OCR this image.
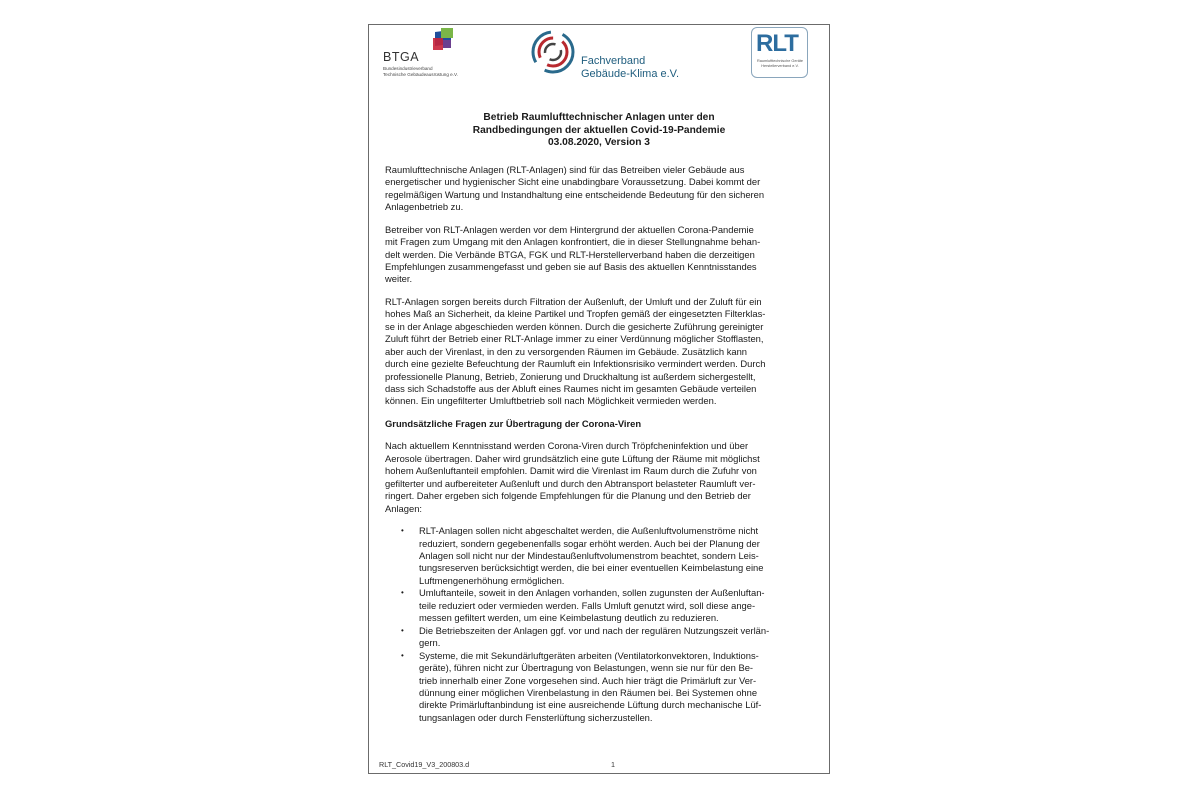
BTGA
Bundesindustrieverband
Technische Gebäudeausrüstung e.V.
Fachverband
Gebäude-Klima e.V.
RLT
Raumlufttechnische Geräte
Herstellerverband e.V.
Betrieb Raumlufttechnischer Anlagen unter den
Randbedingungen der aktuellen Covid-19-Pandemie
03.08.2020, Version 3
Raumlufttechnische Anlagen (RLT-Anlagen) sind für das Betreiben vieler Gebäude aus
energetischer und hygienischer Sicht eine unabdingbare Voraussetzung. Dabei kommt der
regelmäßigen Wartung und Instandhaltung eine entscheidende Bedeutung für den sicheren
Anlagenbetrieb zu.
Betreiber von RLT-Anlagen werden vor dem Hintergrund der aktuellen Corona-Pandemie
mit Fragen zum Umgang mit den Anlagen konfrontiert, die in dieser Stellungnahme behan-
delt werden. Die Verbände BTGA, FGK und RLT-Herstellerverband haben die derzeitigen
Empfehlungen zusammengefasst und geben sie auf Basis des aktuellen Kenntnisstandes
weiter.
RLT-Anlagen sorgen bereits durch Filtration der Außenluft, der Umluft und der Zuluft für ein
hohes Maß an Sicherheit, da kleine Partikel und Tropfen gemäß der eingesetzten Filterklas-
se in der Anlage abgeschieden werden können. Durch die gesicherte Zuführung gereinigter
Zuluft führt der Betrieb einer RLT-Anlage immer zu einer Verdünnung möglicher Stofflasten,
aber auch der Virenlast, in den zu versorgenden Räumen im Gebäude. Zusätzlich kann
durch eine gezielte Befeuchtung der Raumluft ein Infektionsrisiko vermindert werden. Durch
professionelle Planung, Betrieb, Zonierung und Druckhaltung ist außerdem sichergestellt,
dass sich Schadstoffe aus der Abluft eines Raumes nicht im gesamten Gebäude verteilen
können. Ein ungefilterter Umluftbetrieb soll nach Möglichkeit vermieden werden.
Grundsätzliche Fragen zur Übertragung der Corona-Viren
Nach aktuellem Kenntnisstand werden Corona-Viren durch Tröpfcheninfektion und über
Aerosole übertragen. Daher wird grundsätzlich eine gute Lüftung der Räume mit möglichst
hohem Außenluftanteil empfohlen. Damit wird die Virenlast im Raum durch die Zufuhr von
gefilterter und aufbereiteter Außenluft und durch den Abtransport belasteter Raumluft ver-
ringert. Daher ergeben sich folgende Empfehlungen für die Planung und den Betrieb der
Anlagen:
• RLT-Anlagen sollen nicht abgeschaltet werden, die Außenluftvolumenströme nicht
reduziert, sondern gegebenenfalls sogar erhöht werden. Auch bei der Planung der
Anlagen soll nicht nur der Mindestaußenluftvolumenstrom beachtet, sondern Leis-
tungsreserven berücksichtigt werden, die bei einer eventuellen Keimbelastung eine
Luftmengenerhöhung ermöglichen.
• Umluftanteile, soweit in den Anlagen vorhanden, sollen zugunsten der Außenluftan-
teile reduziert oder vermieden werden. Falls Umluft genutzt wird, soll diese ange-
messen gefiltert werden, um eine Keimbelastung deutlich zu reduzieren.
• Die Betriebszeiten der Anlagen ggf. vor und nach der regulären Nutzungszeit verlän-
gern.
• Systeme, die mit Sekundärluftgeräten arbeiten (Ventilatorkonvektoren, Induktions-
geräte), führen nicht zur Übertragung von Belastungen, wenn sie nur für den Be-
trieb innerhalb einer Zone vorgesehen sind. Auch hier trägt die Primärluft zur Ver-
dünnung einer möglichen Virenbelastung in den Räumen bei. Bei Systemen ohne
direkte Primärluftanbindung ist eine ausreichende Lüftung durch mechanische Lüf-
tungsanlagen oder durch Fensterlüftung sicherzustellen.
RLT_Covid19_V3_200803.d	1
